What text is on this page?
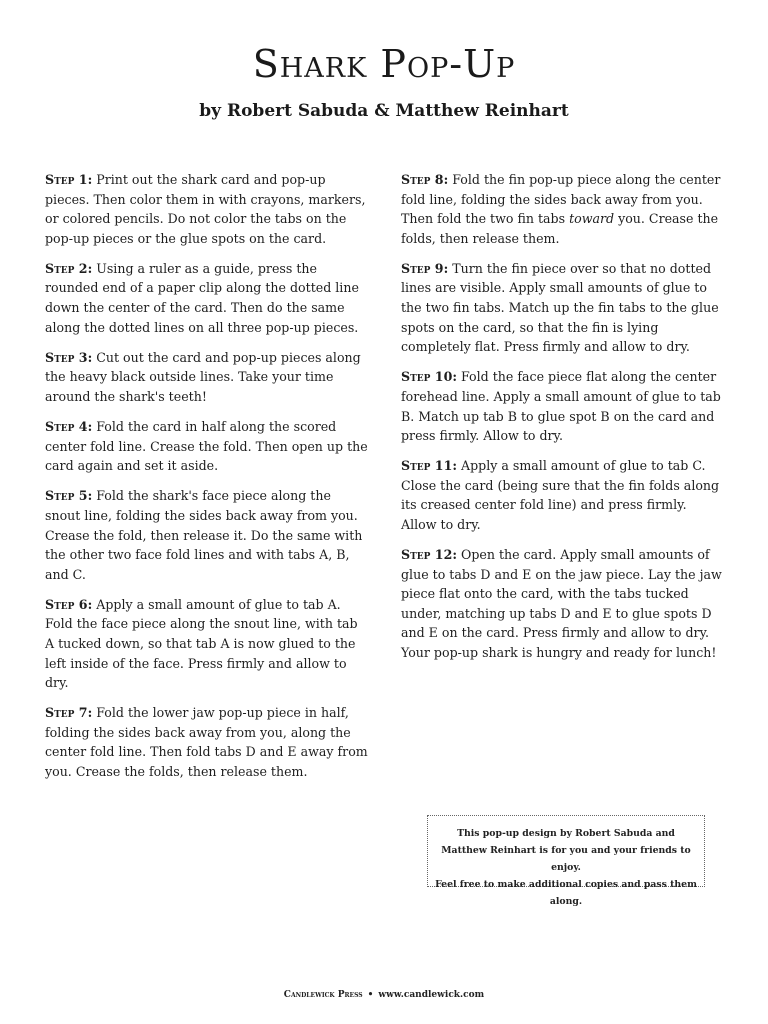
Shark Pop-Up
by Robert Sabuda & Matthew Reinhart

Step 1: Print out the shark card and pop-up pieces. Then color them in with crayons, markers, or colored pencils. Do not color the tabs on the pop-up pieces or the glue spots on the card.

Step 2: Using a ruler as a guide, press the rounded end of a paper clip along the dotted line down the center of the card. Then do the same along the dotted lines on all three pop-up pieces.

Step 3: Cut out the card and pop-up pieces along the heavy black outside lines. Take your time around the shark's teeth!

Step 4: Fold the card in half along the scored center fold line. Crease the fold. Then open up the card again and set it aside.

Step 5: Fold the shark's face piece along the snout line, folding the sides back away from you. Crease the fold, then release it. Do the same with the other two face fold lines and with tabs A, B, and C.

Step 6: Apply a small amount of glue to tab A. Fold the face piece along the snout line, with tab A tucked down, so that tab A is now glued to the left inside of the face. Press firmly and allow to dry.

Step 7: Fold the lower jaw pop-up piece in half, folding the sides back away from you, along the center fold line. Then fold tabs D and E away from you. Crease the folds, then release them.

Step 8: Fold the fin pop-up piece along the center fold line, folding the sides back away from you. Then fold the two fin tabs toward you. Crease the folds, then release them.

Step 9: Turn the fin piece over so that no dotted lines are visible. Apply small amounts of glue to the two fin tabs. Match up the fin tabs to the glue spots on the card, so that the fin is lying completely flat. Press firmly and allow to dry.

Step 10: Fold the face piece flat along the center forehead line. Apply a small amount of glue to tab B. Match up tab B to glue spot B on the card and press firmly. Allow to dry.

Step 11: Apply a small amount of glue to tab C. Close the card (being sure that the fin folds along its creased center fold line) and press firmly. Allow to dry.

Step 12: Open the card. Apply small amounts of glue to tabs D and E on the jaw piece. Lay the jaw piece flat onto the card, with the tabs tucked under, matching up tabs D and E to glue spots D and E on the card. Press firmly and allow to dry. Your pop-up shark is hungry and ready for lunch!

This pop-up design by Robert Sabuda and
Matthew Reinhart is for you and your friends to enjoy.
Feel free to make additional copies and pass them along.
Candlewick Press • www.candlewick.com
